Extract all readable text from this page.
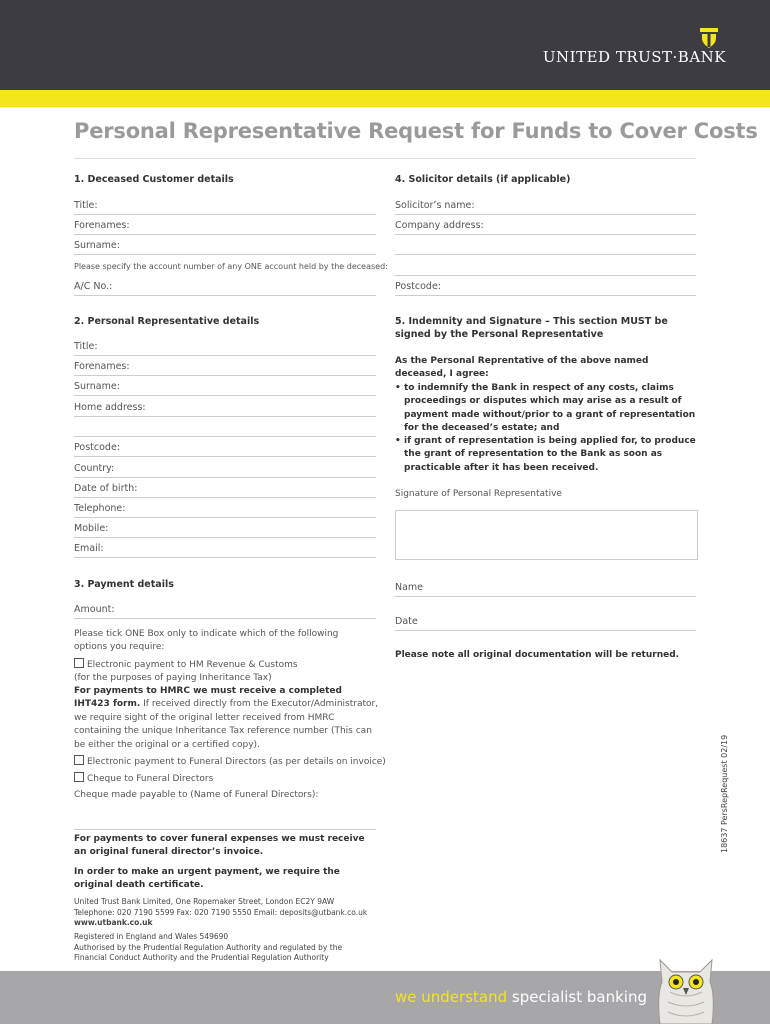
UNITED TRUST·BANK
Personal Representative Request for Funds to Cover Costs
1. Deceased Customer details
Title:
Forenames:
Surname:
Please specify the account number of any ONE account held by the deceased:
A/C No.:
2. Personal Representative details
Title:
Forenames:
Surname:
Home address:
Postcode:
Country:
Date of birth:
Telephone:
Mobile:
Email:
3. Payment details
Amount:
Please tick ONE Box only to indicate which of the following options you require:
Electronic payment to HM Revenue & Customs
(for the purposes of paying Inheritance Tax)
For payments to HMRC we must receive a completed IHT423 form. If received directly from the Executor/Administrator, we require sight of the original letter received from HMRC containing the unique Inheritance Tax reference number (This can be either the original or a certified copy).
Electronic payment to Funeral Directors (as per details on invoice)
Cheque to Funeral Directors
Cheque made payable to (Name of Funeral Directors):
For payments to cover funeral expenses we must receive an original funeral director’s invoice.
In order to make an urgent payment, we require the original death certificate.
4. Solicitor details (if applicable)
Solicitor’s name:
Company address:
Postcode:
5. Indemnity and Signature – This section MUST be signed by the Personal Representative
As the Personal Reprentative of the above named deceased, I agree:
• to indemnify the Bank in respect of any costs, claims proceedings or disputes which may arise as a result of payment made without/prior to a grant of representation for the deceased’s estate; and
• if grant of representation is being applied for, to produce the grant of representation to the Bank as soon as practicable after it has been received.
Signature of Personal Representative
Name
Date
Please note all original documentation will be returned.
United Trust Bank Limited, One Ropemaker Street, London EC2Y 9AW
Telephone: 020 7190 5599 Fax: 020 7190 5550 Email: deposits@utbank.co.uk
www.utbank.co.uk
Registered in England and Wales 549690
Authorised by the Prudential Regulation Authority and regulated by the
Financial Conduct Authority and the Prudential Regulation Authority
18637 PersRepRequest 02/19
we understand specialist banking
